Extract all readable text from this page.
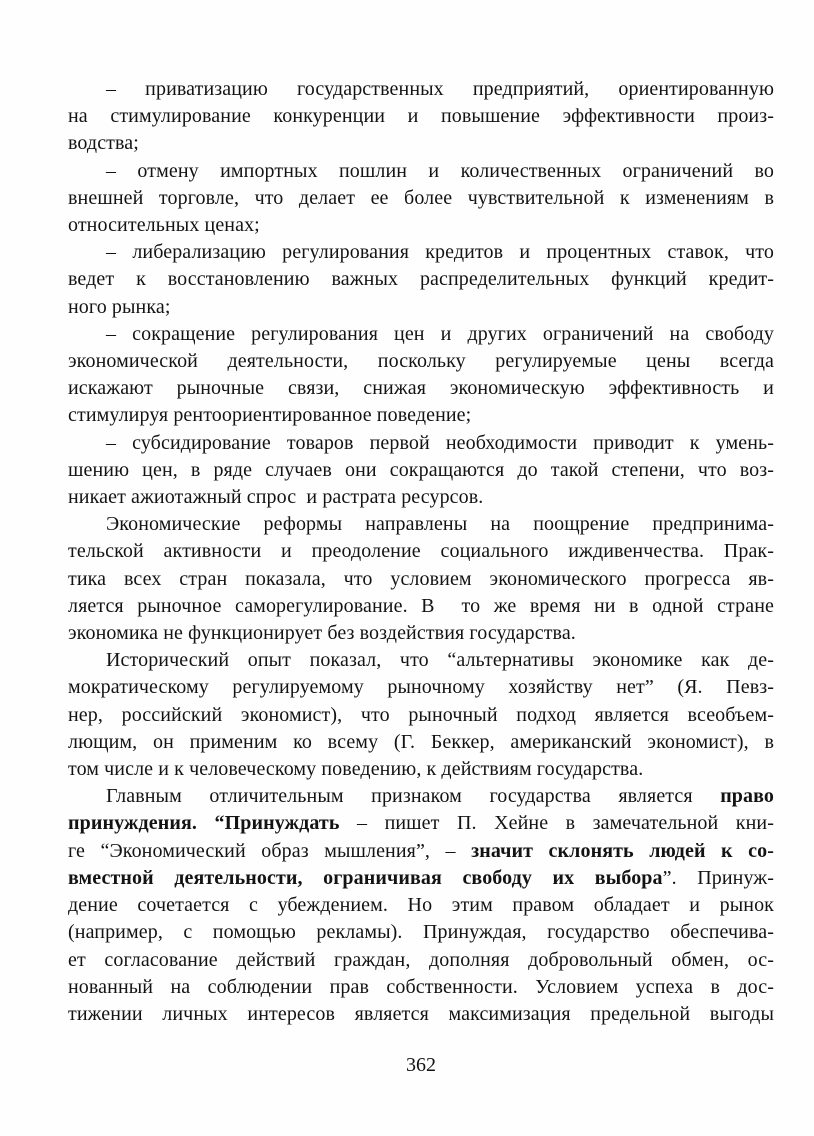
– приватизацию государственных предприятий, ориентированную
на стимулирование конкуренции и повышение эффективности произ-
водства;
– отмену импортных пошлин и количественных ограничений во
внешней торговле, что делает ее более чувствительной к изменениям в
относительных ценах;
– либерализацию регулирования кредитов и процентных ставок, что
ведет к восстановлению важных распределительных функций кредит-
ного рынка;
– сокращение регулирования цен и других ограничений на свободу
экономической деятельности, поскольку регулируемые цены всегда
искажают рыночные связи, снижая экономическую эффективность и
стимулируя рентоориентированное поведение;
– субсидирование товаров первой необходимости приводит к умень-
шению цен, в ряде случаев они сокращаются до такой степени, что воз-
никает ажиотажный спрос  и растрата ресурсов.
Экономические реформы направлены на поощрение предпринима-
тельской активности и преодоление социального иждивенчества. Прак-
тика всех стран показала, что условием экономического прогресса яв-
ляется рыночное саморегулирование. В  то же время ни в одной стране
экономика не функционирует без воздействия государства.
Исторический опыт показал, что “альтернативы экономике как де-
мократическому регулируемому рыночному хозяйству нет” (Я. Певз-
нер, российский экономист), что рыночный подход является всеобъем-
лющим, он применим ко всему (Г. Беккер, американский экономист), в
том числе и к человеческому поведению, к действиям государства.
Главным отличительным признаком государства является право
принуждения. “Принуждать – пишет П. Хейне в замечательной кни-
ге “Экономический образ мышления”, – значит склонять людей к со-
вместной деятельности, ограничивая свободу их выбора”. Принуж-
дение сочетается с убеждением. Но этим правом обладает и рынок
(например, с помощью рекламы). Принуждая, государство обеспечива-
ет согласование действий граждан, дополняя добровольный обмен, ос-
нованный на соблюдении прав собственности. Условием успеха в дос-
тижении личных интересов является максимизация предельной выгоды
362
